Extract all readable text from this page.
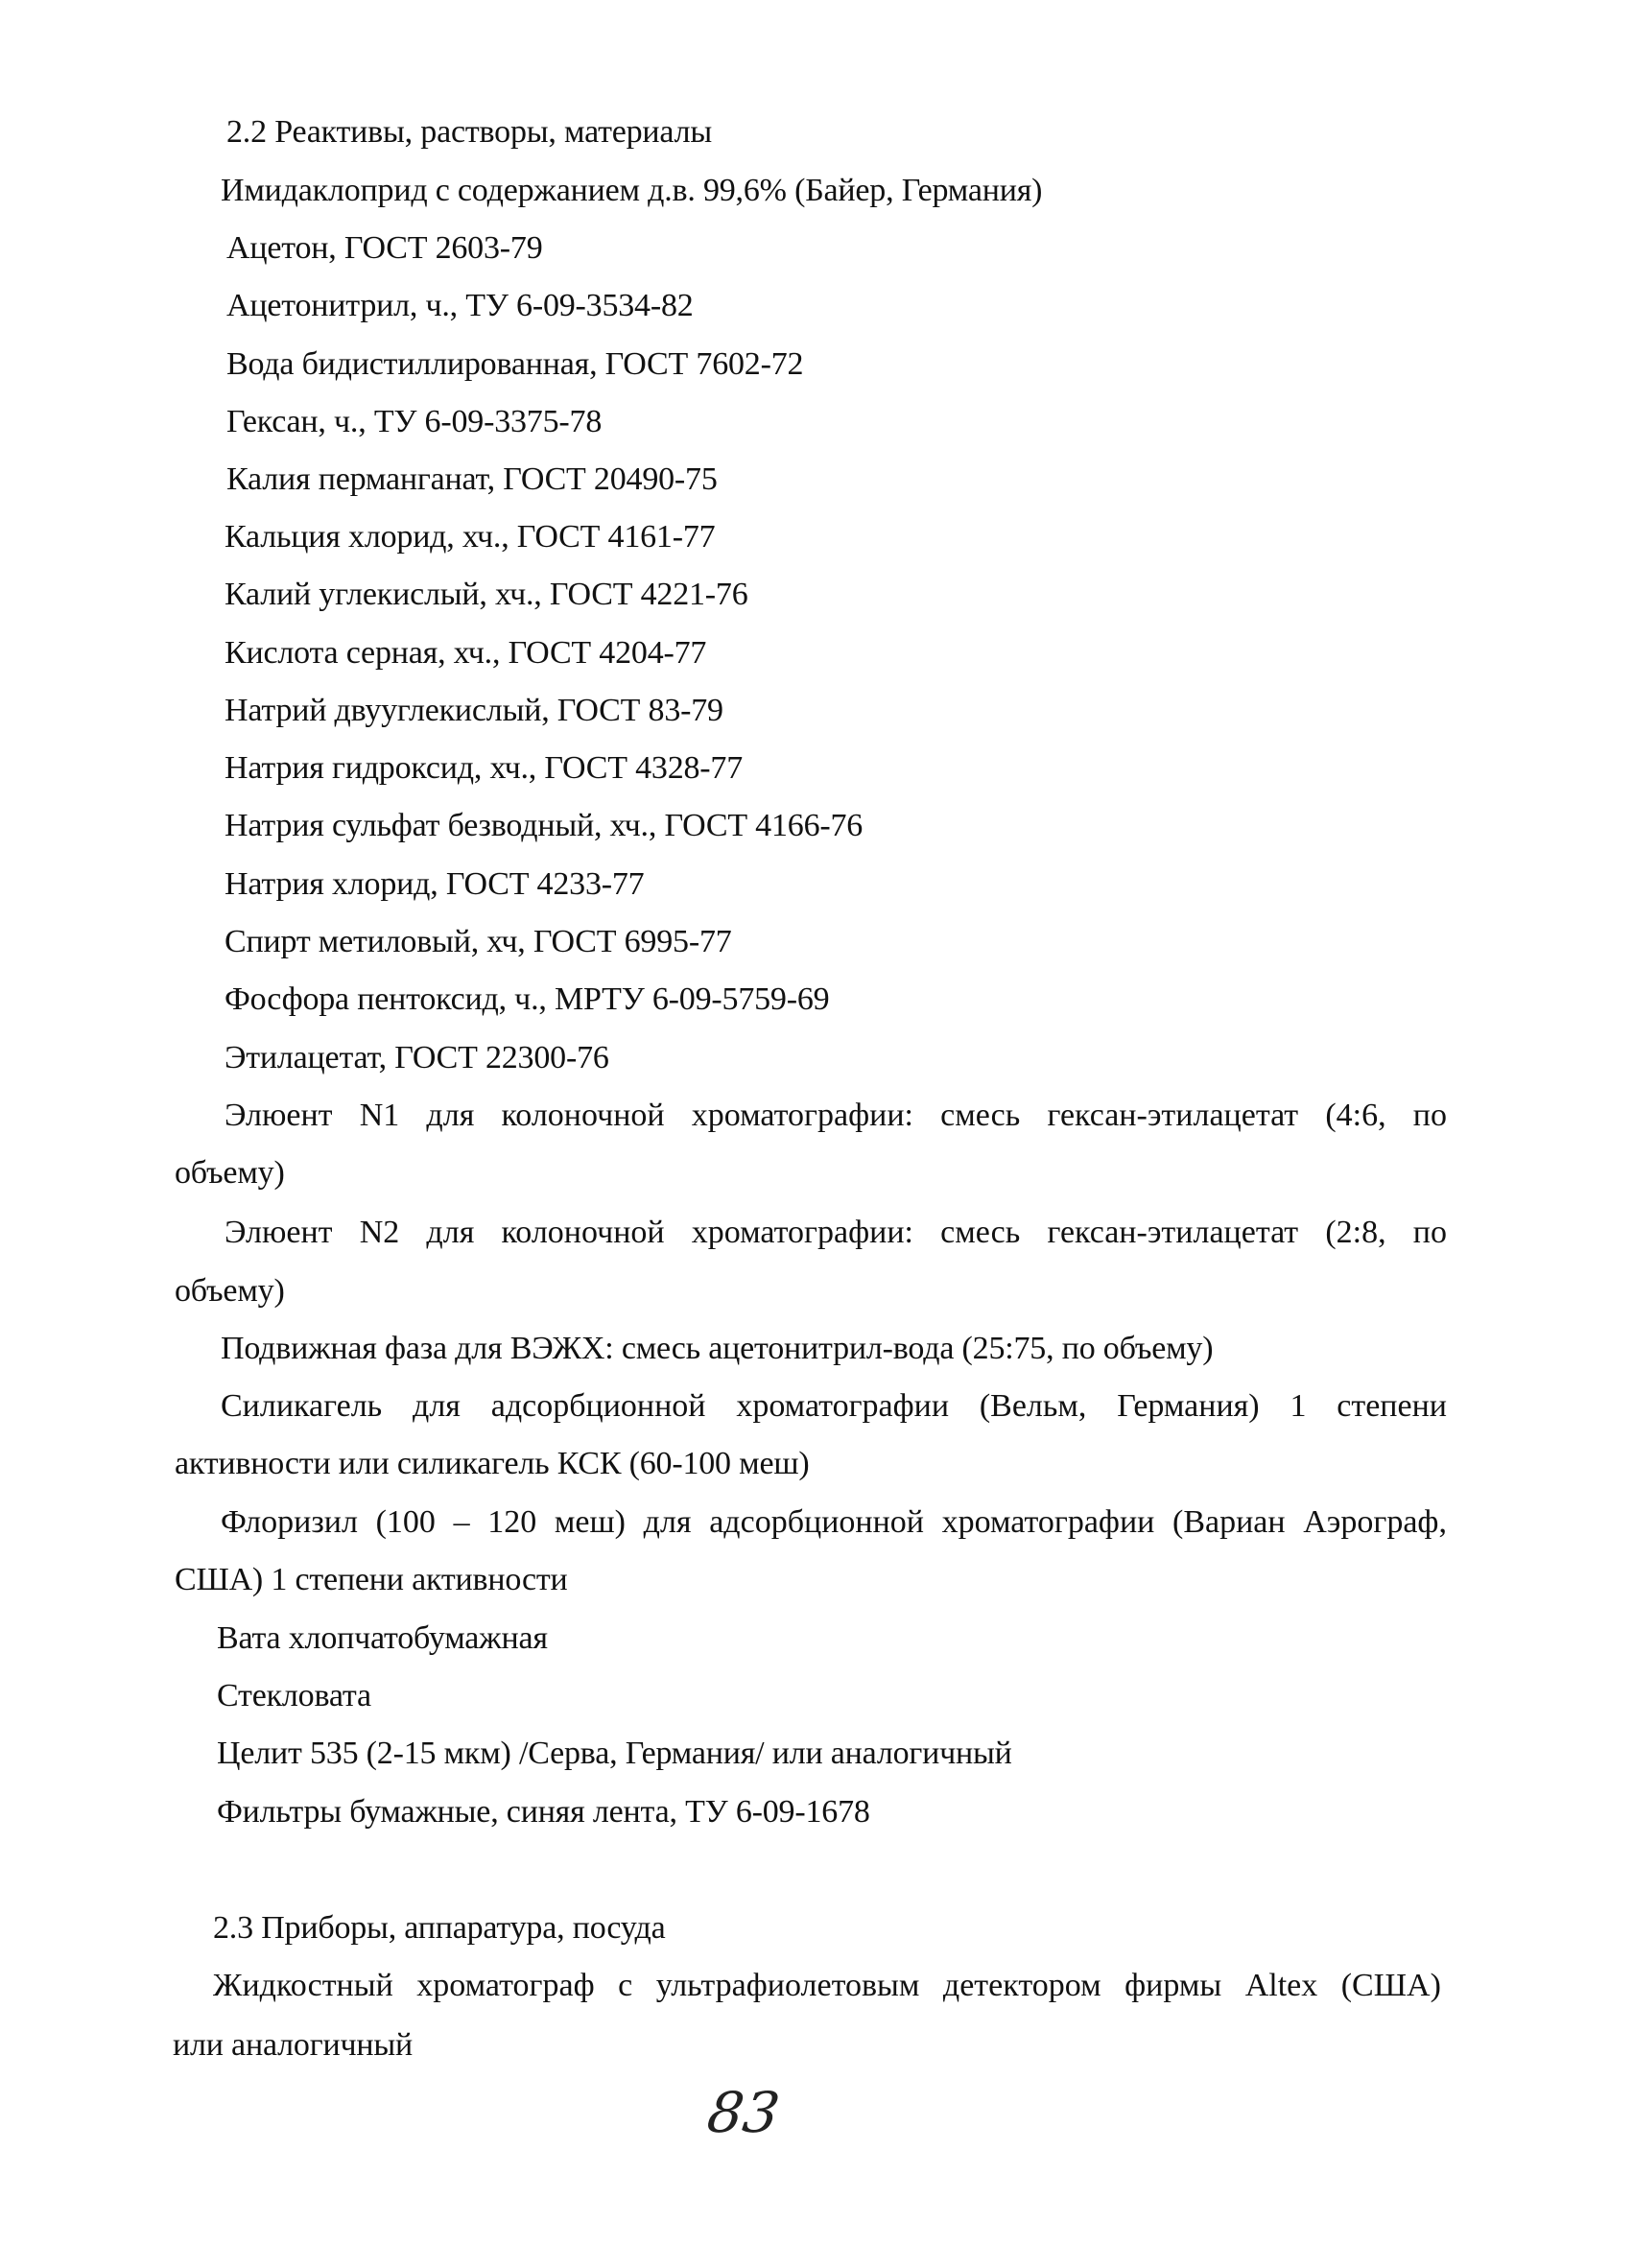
2.2 Реактивы, растворы, материалы
Имидаклоприд с содержанием д.в. 99,6% (Байер, Германия)
Ацетон, ГОСТ 2603-79
Ацетонитрил, ч., ТУ 6-09-3534-82
Вода бидистиллированная, ГОСТ 7602-72
Гексан, ч., ТУ 6-09-3375-78
Калия перманганат, ГОСТ 20490-75
Кальция хлорид, хч., ГОСТ 4161-77
Калий углекислый, хч., ГОСТ 4221-76
Кислота серная, хч., ГОСТ 4204-77
Натрий двууглекислый, ГОСТ 83-79
Натрия гидроксид, хч., ГОСТ 4328-77
Натрия сульфат безводный, хч., ГОСТ 4166-76
Натрия хлорид, ГОСТ 4233-77
Спирт метиловый, хч, ГОСТ 6995-77
Фосфора пентоксид, ч., МРТУ 6-09-5759-69
Этилацетат, ГОСТ 22300-76
Элюент N1 для колоночной хроматографии: смесь гексан-этилацетат (4:6, по
объему)
Элюент N2 для колоночной хроматографии: смесь гексан-этилацетат (2:8, по
объему)
Подвижная фаза для ВЭЖХ: смесь ацетонитрил-вода (25:75, по объему)
Силикагель для адсорбционной хроматографии (Вельм, Германия) 1 степени
активности или силикагель КСК (60-100 меш)
Флоризил (100 – 120 меш) для адсорбционной хроматографии (Вариан Аэрограф,
США) 1 степени активности
Вата хлопчатобумажная
Стекловата
Целит 535 (2-15 мкм) /Серва, Германия/ или аналогичный
Фильтры бумажные, синяя лента, ТУ 6-09-1678
2.3 Приборы, аппаратура, посуда
Жидкостный хроматограф с ультрафиолетовым детектором фирмы Altex (США)
или аналогичный
83
